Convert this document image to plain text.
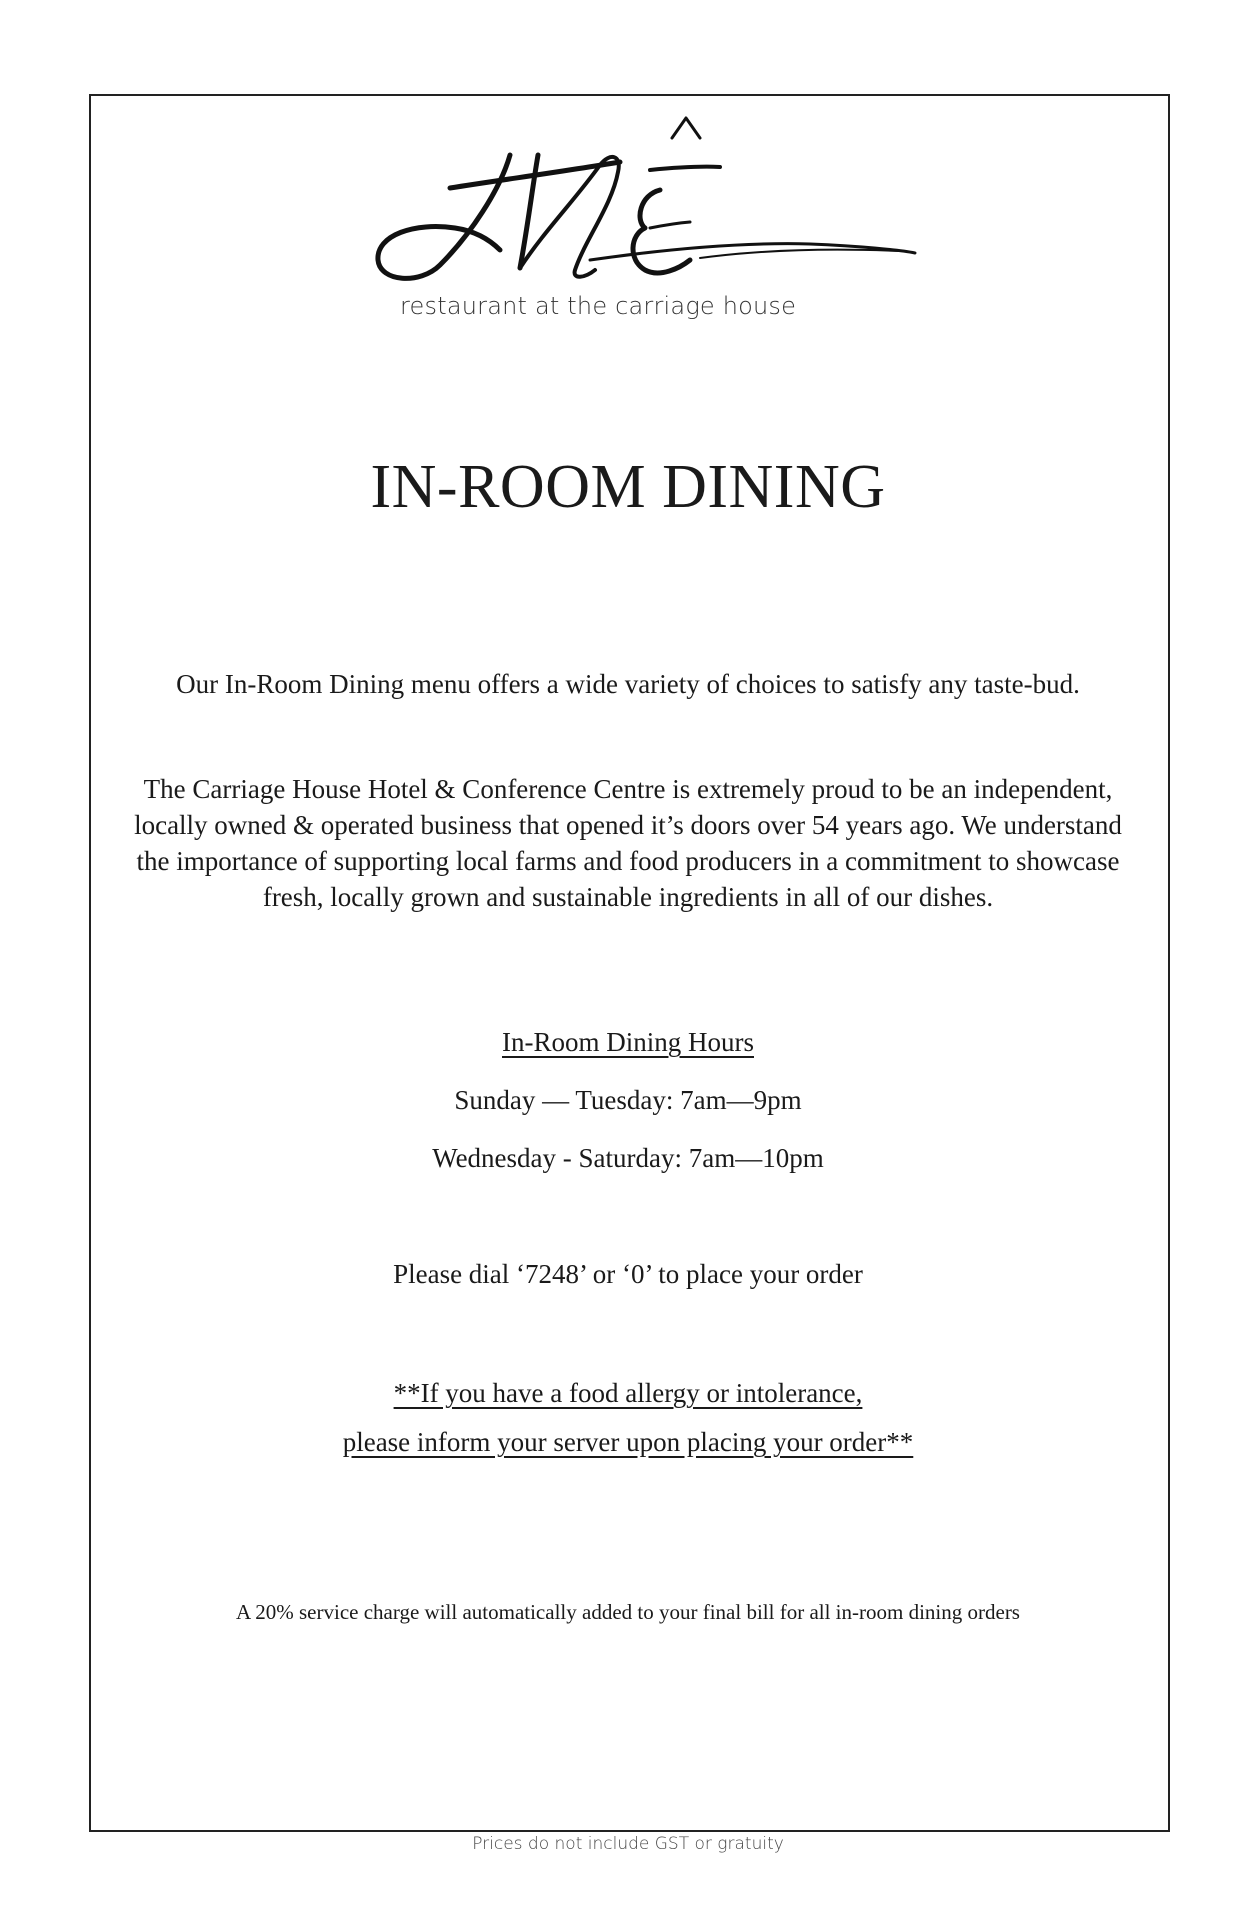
restaurant at the carriage house
IN-ROOM DINING

Our In-Room Dining menu offers a wide variety of choices to satisfy any taste-bud.

The Carriage House Hotel & Conference Centre is extremely proud to be an independent, locally owned & operated business that opened it’s doors over 54 years ago. We understand the importance of supporting local farms and food producers in a commitment to showcase fresh, locally grown and sustainable ingredients in all of our dishes.

In-Room Dining Hours
Sunday — Tuesday: 7am—9pm
Wednesday - Saturday: 7am—10pm
Please dial ‘7248’ or ‘0’ to place your order
**If you have a food allergy or intolerance,
please inform your server upon placing your order**
A 20% service charge will automatically added to your final bill for all in-room dining orders
Prices do not include GST or gratuity
